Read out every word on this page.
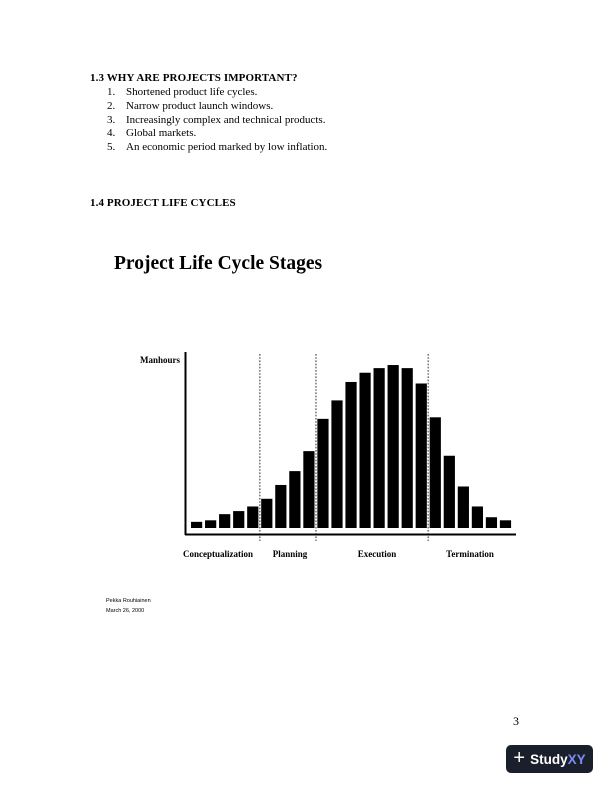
1.3 WHY ARE PROJECTS IMPORTANT?
1. Shortened product life cycles.
2. Narrow product launch windows.
3. Increasingly complex and technical products.
4. Global markets.
5. An economic period marked by low inflation.
1.4 PROJECT LIFE CYCLES
Project Life Cycle Stages
Manhours
Conceptualization Planning	Execution	Termination
Pekka Rouhiainen
March 26, 2000
3
+ StudyXY
